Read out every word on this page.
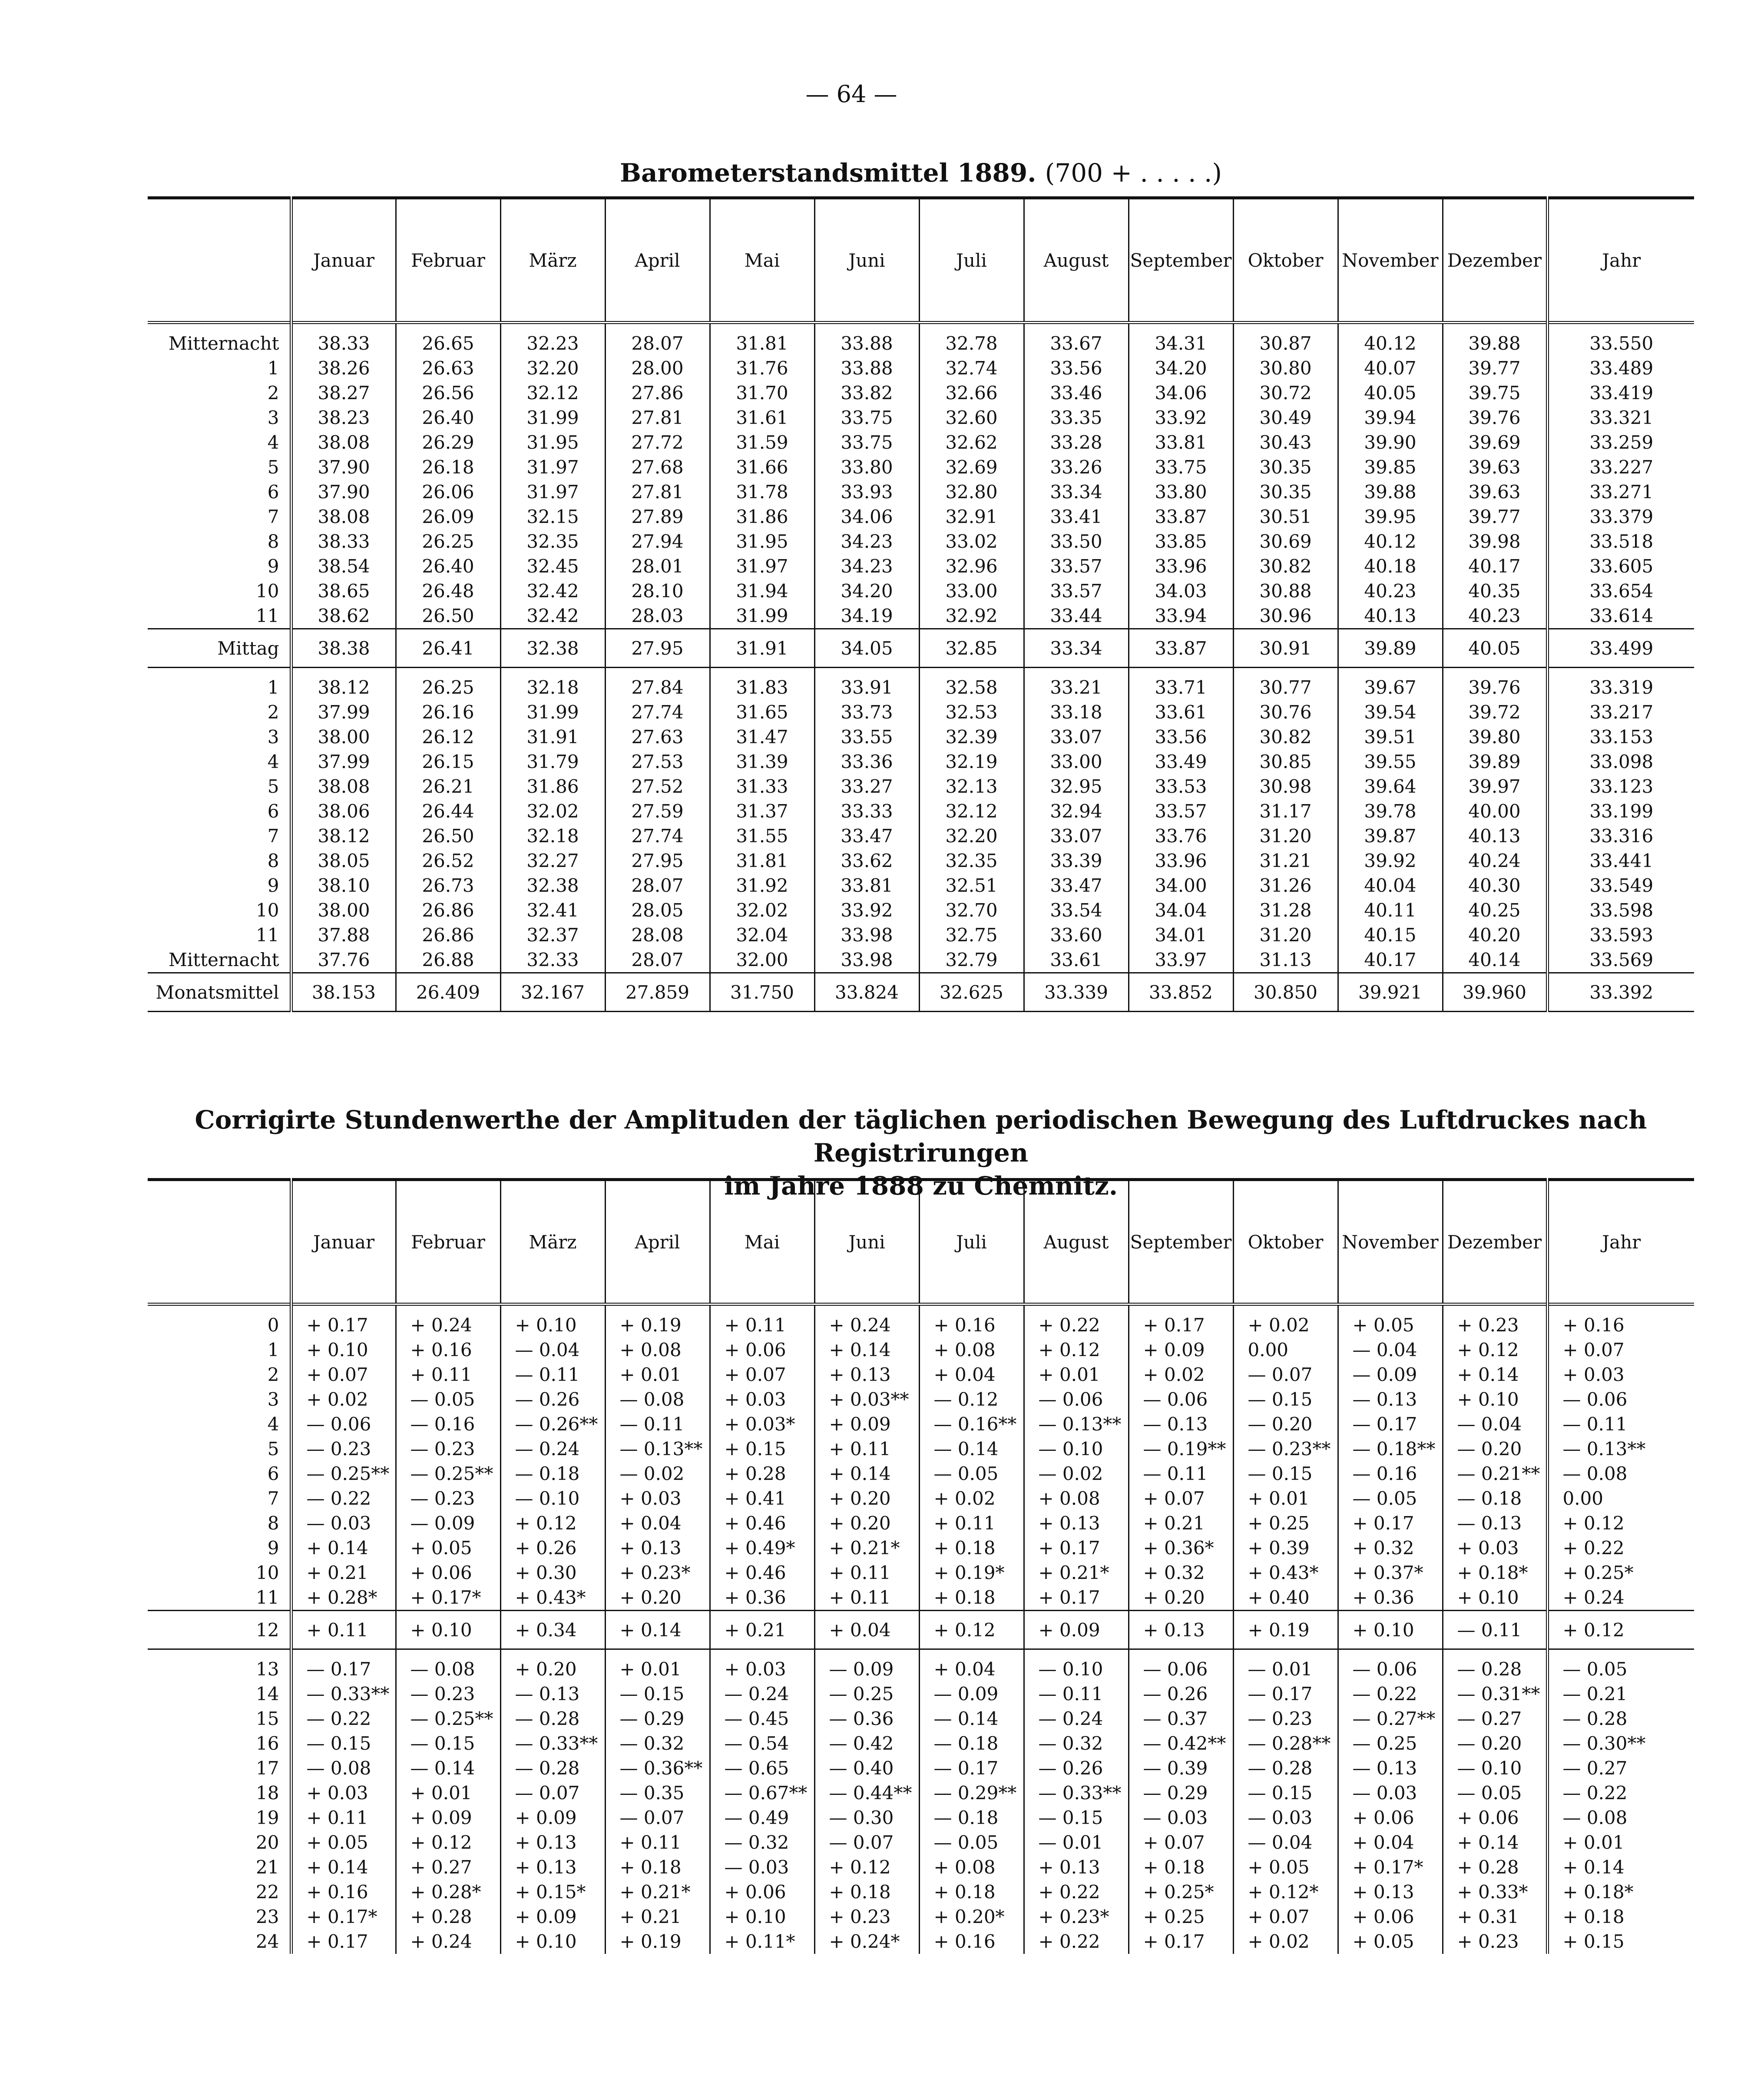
— 64 —
Barometerstandsmittel 1889. (700 + . . . . .)
	Januar	Februar	März	April	Mai	Juni	Juli	August	September	Oktober	November	Dezember	Jahr
Mitternacht	38.33	26.65	32.23	28.07	31.81	33.88	32.78	33.67	34.31	30.87	40.12	39.88	33.550
1	38.26	26.63	32.20	28.00	31.76	33.88	32.74	33.56	34.20	30.80	40.07	39.77	33.489
2	38.27	26.56	32.12	27.86	31.70	33.82	32.66	33.46	34.06	30.72	40.05	39.75	33.419
3	38.23	26.40	31.99	27.81	31.61	33.75	32.60	33.35	33.92	30.49	39.94	39.76	33.321
4	38.08	26.29	31.95	27.72	31.59	33.75	32.62	33.28	33.81	30.43	39.90	39.69	33.259
5	37.90	26.18	31.97	27.68	31.66	33.80	32.69	33.26	33.75	30.35	39.85	39.63	33.227
6	37.90	26.06	31.97	27.81	31.78	33.93	32.80	33.34	33.80	30.35	39.88	39.63	33.271
7	38.08	26.09	32.15	27.89	31.86	34.06	32.91	33.41	33.87	30.51	39.95	39.77	33.379
8	38.33	26.25	32.35	27.94	31.95	34.23	33.02	33.50	33.85	30.69	40.12	39.98	33.518
9	38.54	26.40	32.45	28.01	31.97	34.23	32.96	33.57	33.96	30.82	40.18	40.17	33.605
10	38.65	26.48	32.42	28.10	31.94	34.20	33.00	33.57	34.03	30.88	40.23	40.35	33.654
11	38.62	26.50	32.42	28.03	31.99	34.19	32.92	33.44	33.94	30.96	40.13	40.23	33.614
Mittag	38.38	26.41	32.38	27.95	31.91	34.05	32.85	33.34	33.87	30.91	39.89	40.05	33.499
1	38.12	26.25	32.18	27.84	31.83	33.91	32.58	33.21	33.71	30.77	39.67	39.76	33.319
2	37.99	26.16	31.99	27.74	31.65	33.73	32.53	33.18	33.61	30.76	39.54	39.72	33.217
3	38.00	26.12	31.91	27.63	31.47	33.55	32.39	33.07	33.56	30.82	39.51	39.80	33.153
4	37.99	26.15	31.79	27.53	31.39	33.36	32.19	33.00	33.49	30.85	39.55	39.89	33.098
5	38.08	26.21	31.86	27.52	31.33	33.27	32.13	32.95	33.53	30.98	39.64	39.97	33.123
6	38.06	26.44	32.02	27.59	31.37	33.33	32.12	32.94	33.57	31.17	39.78	40.00	33.199
7	38.12	26.50	32.18	27.74	31.55	33.47	32.20	33.07	33.76	31.20	39.87	40.13	33.316
8	38.05	26.52	32.27	27.95	31.81	33.62	32.35	33.39	33.96	31.21	39.92	40.24	33.441
9	38.10	26.73	32.38	28.07	31.92	33.81	32.51	33.47	34.00	31.26	40.04	40.30	33.549
10	38.00	26.86	32.41	28.05	32.02	33.92	32.70	33.54	34.04	31.28	40.11	40.25	33.598
11	37.88	26.86	32.37	28.08	32.04	33.98	32.75	33.60	34.01	31.20	40.15	40.20	33.593
Mitternacht	37.76	26.88	32.33	28.07	32.00	33.98	32.79	33.61	33.97	31.13	40.17	40.14	33.569
Monatsmittel	38.153	26.409	32.167	27.859	31.750	33.824	32.625	33.339	33.852	30.850	39.921	39.960	33.392
Corrigirte Stundenwerthe der Amplituden der täglichen periodischen Bewegung des Luftdruckes nach Registrirungen
im Jahre 1888 zu Chemnitz.
	Januar	Februar	März	April	Mai	Juni	Juli	August	September	Oktober	November	Dezember	Jahr
0	+ 0.17	+ 0.24	+ 0.10	+ 0.19	+ 0.11	+ 0.24	+ 0.16	+ 0.22	+ 0.17	+ 0.02	+ 0.05	+ 0.23	+ 0.16
1	+ 0.10	+ 0.16	— 0.04	+ 0.08	+ 0.06	+ 0.14	+ 0.08	+ 0.12	+ 0.09	0.00	— 0.04	+ 0.12	+ 0.07
2	+ 0.07	+ 0.11	— 0.11	+ 0.01	+ 0.07	+ 0.13	+ 0.04	+ 0.01	+ 0.02	— 0.07	— 0.09	+ 0.14	+ 0.03
3	+ 0.02	— 0.05	— 0.26	— 0.08	+ 0.03	+ 0.03**	— 0.12	— 0.06	— 0.06	— 0.15	— 0.13	+ 0.10	— 0.06
4	— 0.06	— 0.16	— 0.26**	— 0.11	+ 0.03*	+ 0.09	— 0.16**	— 0.13**	— 0.13	— 0.20	— 0.17	— 0.04	— 0.11
5	— 0.23	— 0.23	— 0.24	— 0.13**	+ 0.15	+ 0.11	— 0.14	— 0.10	— 0.19**	— 0.23**	— 0.18**	— 0.20	— 0.13**
6	— 0.25**	— 0.25**	— 0.18	— 0.02	+ 0.28	+ 0.14	— 0.05	— 0.02	— 0.11	— 0.15	— 0.16	— 0.21**	— 0.08
7	— 0.22	— 0.23	— 0.10	+ 0.03	+ 0.41	+ 0.20	+ 0.02	+ 0.08	+ 0.07	+ 0.01	— 0.05	— 0.18	0.00
8	— 0.03	— 0.09	+ 0.12	+ 0.04	+ 0.46	+ 0.20	+ 0.11	+ 0.13	+ 0.21	+ 0.25	+ 0.17	— 0.13	+ 0.12
9	+ 0.14	+ 0.05	+ 0.26	+ 0.13	+ 0.49*	+ 0.21*	+ 0.18	+ 0.17	+ 0.36*	+ 0.39	+ 0.32	+ 0.03	+ 0.22
10	+ 0.21	+ 0.06	+ 0.30	+ 0.23*	+ 0.46	+ 0.11	+ 0.19*	+ 0.21*	+ 0.32	+ 0.43*	+ 0.37*	+ 0.18*	+ 0.25*
11	+ 0.28*	+ 0.17*	+ 0.43*	+ 0.20	+ 0.36	+ 0.11	+ 0.18	+ 0.17	+ 0.20	+ 0.40	+ 0.36	+ 0.10	+ 0.24
12	+ 0.11	+ 0.10	+ 0.34	+ 0.14	+ 0.21	+ 0.04	+ 0.12	+ 0.09	+ 0.13	+ 0.19	+ 0.10	— 0.11	+ 0.12
13	— 0.17	— 0.08	+ 0.20	+ 0.01	+ 0.03	— 0.09	+ 0.04	— 0.10	— 0.06	— 0.01	— 0.06	— 0.28	— 0.05
14	— 0.33**	— 0.23	— 0.13	— 0.15	— 0.24	— 0.25	— 0.09	— 0.11	— 0.26	— 0.17	— 0.22	— 0.31**	— 0.21
15	— 0.22	— 0.25**	— 0.28	— 0.29	— 0.45	— 0.36	— 0.14	— 0.24	— 0.37	— 0.23	— 0.27**	— 0.27	— 0.28
16	— 0.15	— 0.15	— 0.33**	— 0.32	— 0.54	— 0.42	— 0.18	— 0.32	— 0.42**	— 0.28**	— 0.25	— 0.20	— 0.30**
17	— 0.08	— 0.14	— 0.28	— 0.36**	— 0.65	— 0.40	— 0.17	— 0.26	— 0.39	— 0.28	— 0.13	— 0.10	— 0.27
18	+ 0.03	+ 0.01	— 0.07	— 0.35	— 0.67**	— 0.44**	— 0.29**	— 0.33**	— 0.29	— 0.15	— 0.03	— 0.05	— 0.22
19	+ 0.11	+ 0.09	+ 0.09	— 0.07	— 0.49	— 0.30	— 0.18	— 0.15	— 0.03	— 0.03	+ 0.06	+ 0.06	— 0.08
20	+ 0.05	+ 0.12	+ 0.13	+ 0.11	— 0.32	— 0.07	— 0.05	— 0.01	+ 0.07	— 0.04	+ 0.04	+ 0.14	+ 0.01
21	+ 0.14	+ 0.27	+ 0.13	+ 0.18	— 0.03	+ 0.12	+ 0.08	+ 0.13	+ 0.18	+ 0.05	+ 0.17*	+ 0.28	+ 0.14
22	+ 0.16	+ 0.28*	+ 0.15*	+ 0.21*	+ 0.06	+ 0.18	+ 0.18	+ 0.22	+ 0.25*	+ 0.12*	+ 0.13	+ 0.33*	+ 0.18*
23	+ 0.17*	+ 0.28	+ 0.09	+ 0.21	+ 0.10	+ 0.23	+ 0.20*	+ 0.23*	+ 0.25	+ 0.07	+ 0.06	+ 0.31	+ 0.18
24	+ 0.17	+ 0.24	+ 0.10	+ 0.19	+ 0.11*	+ 0.24*	+ 0.16	+ 0.22	+ 0.17	+ 0.02	+ 0.05	+ 0.23	+ 0.15
